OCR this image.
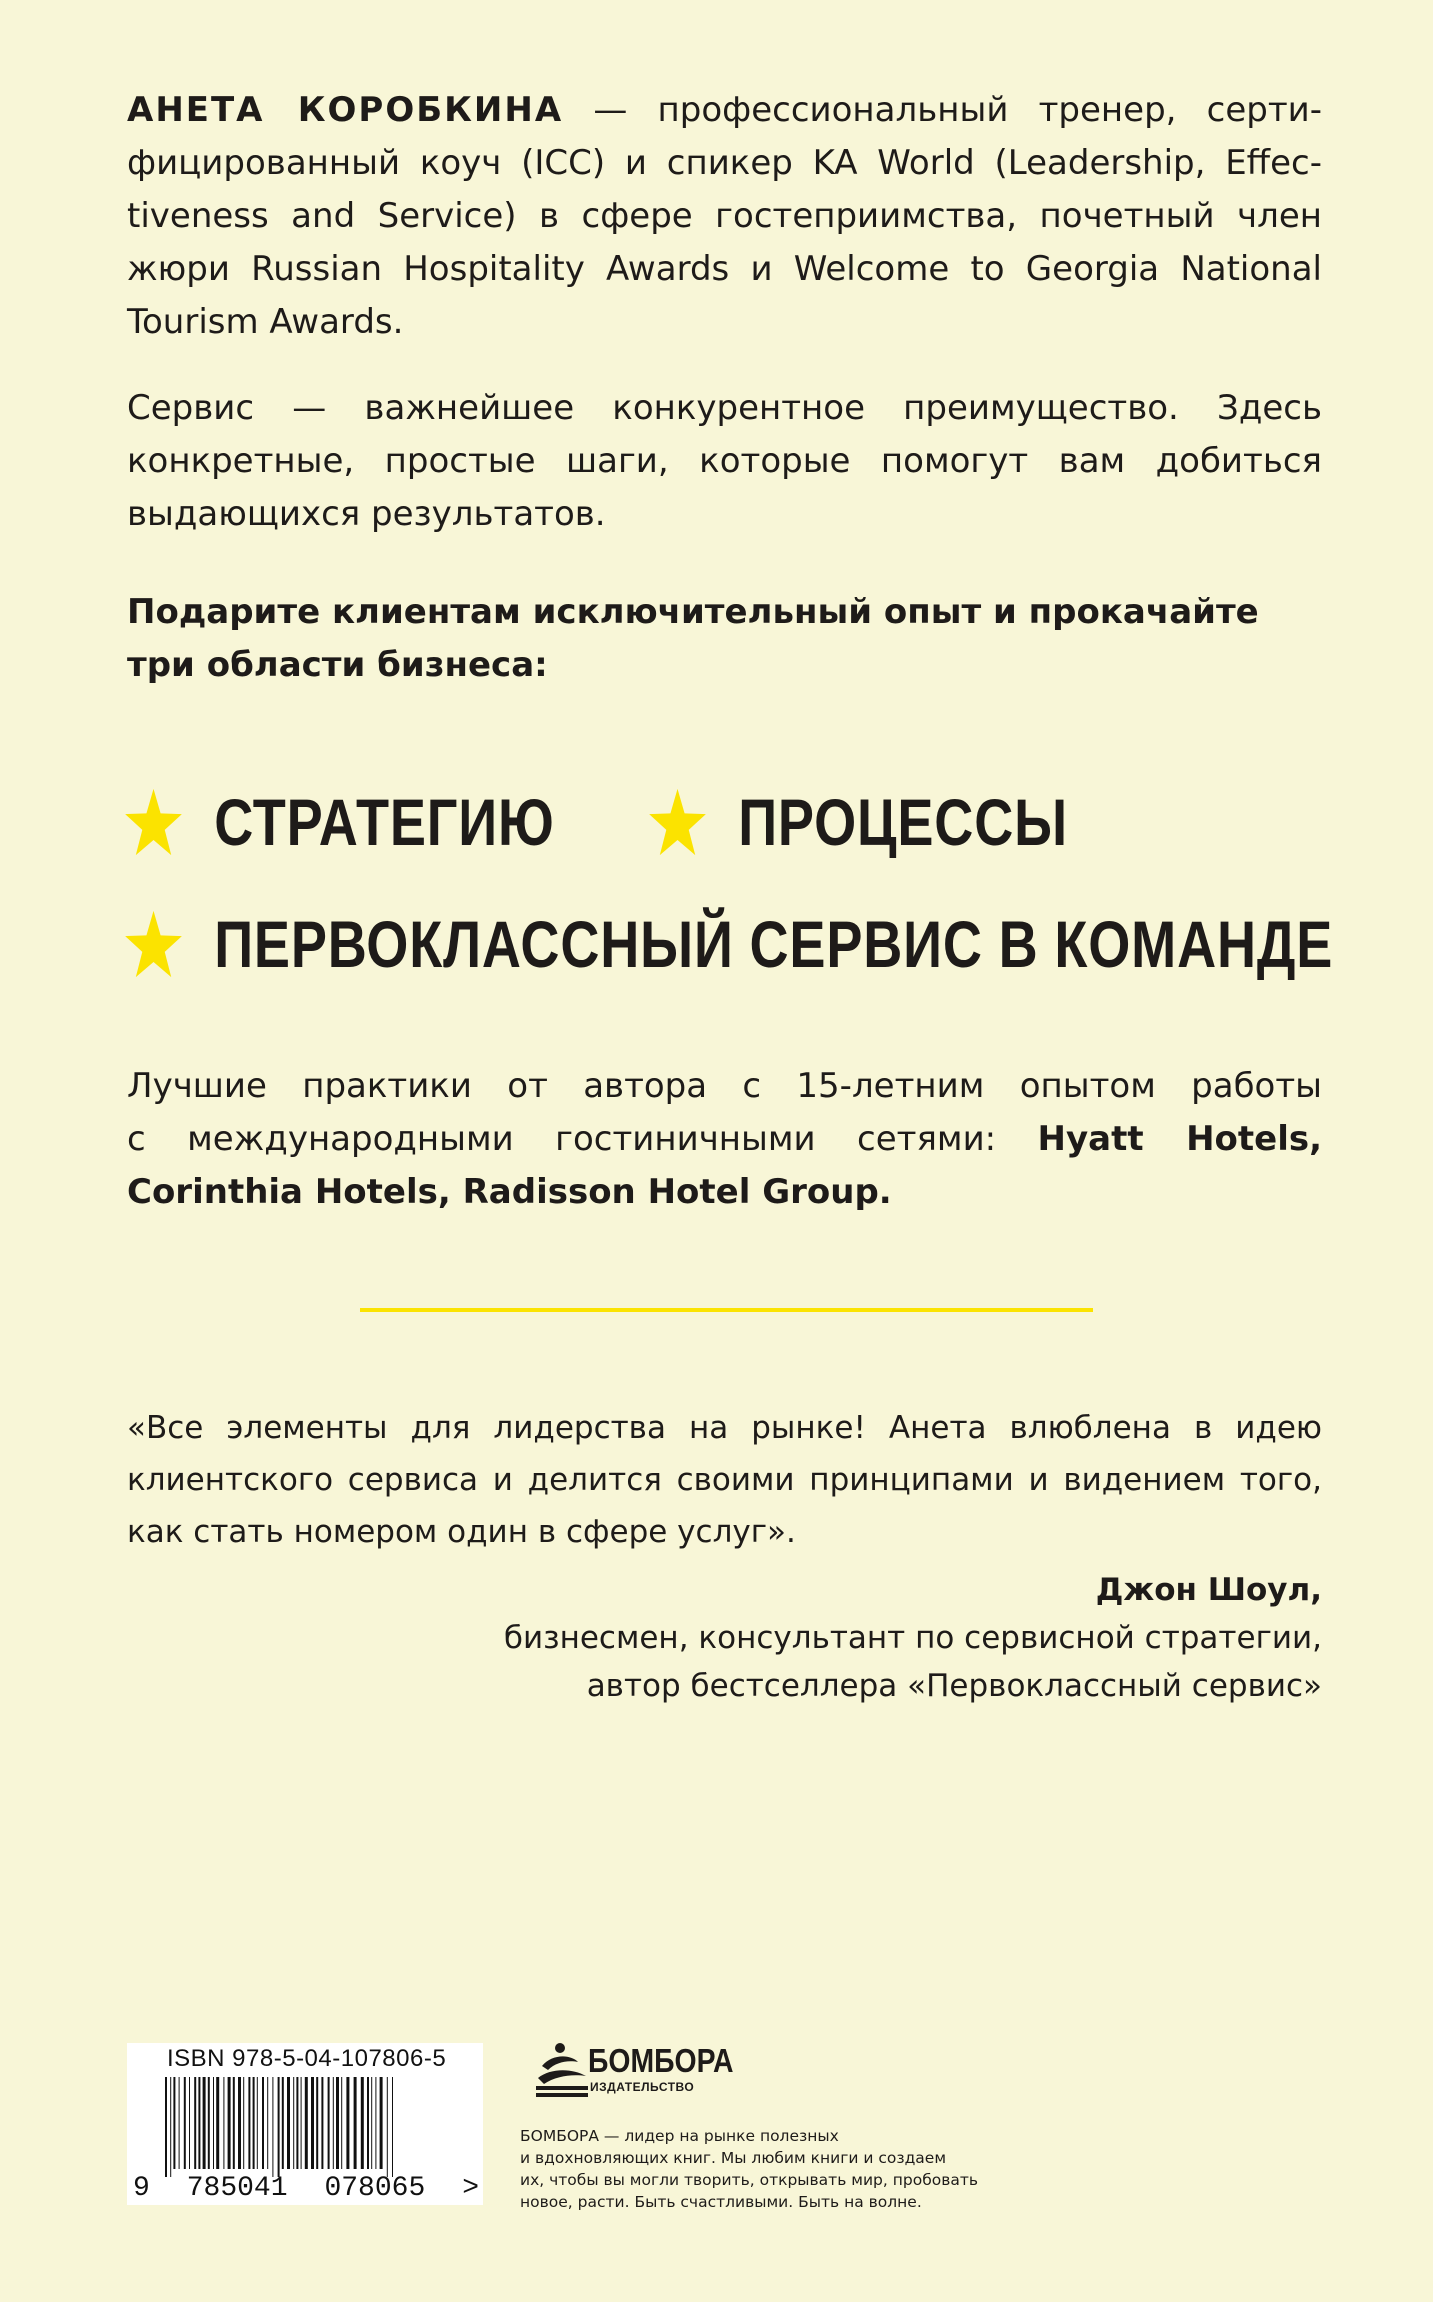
АНЕТА КОРОБКИНА — профессиональный тренер, серти-
фицированный коуч (ICC) и спикер KA World (Leadership, Effec-
tiveness and Service) в сфере гостеприимства, почетный член
жюри Russian Hospitality Awards и Welcome to Georgia National
Tourism Awards.

Сервис — важнейшее конкурентное преимущество. Здесь
конкретные, простые шаги, которые помогут вам добиться
выдающихся результатов.

Подарите клиентам исключительный опыт и прокачайте
три области бизнеса:

СТРАТЕГИЮ	ПРОЦЕССЫ
ПЕРВОКЛАССНЫЙ СЕРВИС В КОМАНДЕ

Лучшие практики от автора с 15-летним опытом работы
с международными гостиничными сетями: Hyatt Hotels,
Corinthia Hotels, Radisson Hotel Group.

«Все элементы для лидерства на рынке! Анета влюблена в идею
клиентского сервиса и делится своими принципами и видением того,
как стать номером один в сфере услуг».

Джон Шоул,
бизнесмен, консультант по сервисной стратегии,
автор бестселлера «Первоклассный сервис»
ISBN 978-5-04-107806-5
9 785041 078065 >
БОМБОРА
ИЗДАТЕЛЬСТВО
БОМБОРА — лидер на рынке полезных
и вдохновляющих книг. Мы любим книги и создаем
их, чтобы вы могли творить, открывать мир, пробовать
новое, расти. Быть счастливыми. Быть на волне.
